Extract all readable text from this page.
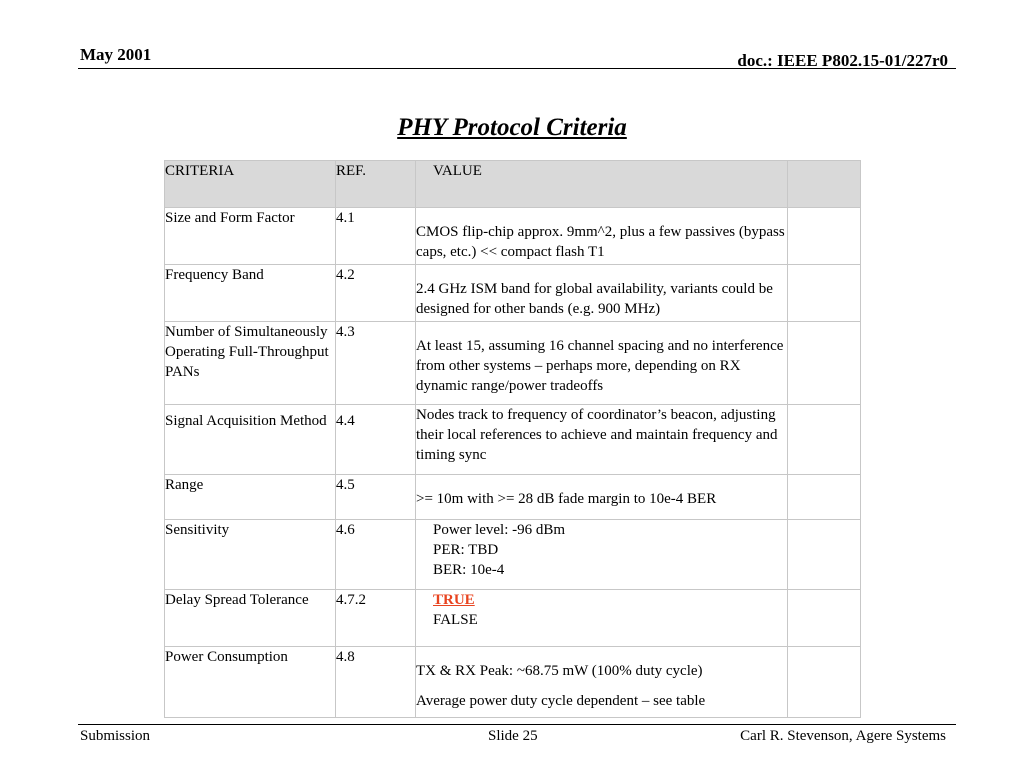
May 2001	doc.: IEEE P802.15-01/227r0
PHY Protocol Criteria
CRITERIA	REF.	VALUE	
Size and Form Factor	4.1	CMOS flip-chip approx. 9mm^2, plus a few passives (bypass caps, etc.) << compact flash T1	
Frequency Band	4.2	2.4 GHz ISM band for global availability, variants could be designed for other bands (e.g. 900 MHz)	
Number of Simultaneously Operating Full-Throughput PANs	4.3	At least 15, assuming 16 channel spacing and no interference from other systems – perhaps more, depending on RX dynamic range/power tradeoffs	
Signal Acquisition Method	4.4	Nodes track to frequency of coordinator’s beacon, adjusting their local references to achieve and maintain frequency and timing sync	
Range	4.5	>= 10m with >= 28 dB fade margin to 10e-4 BER	
Sensitivity	4.6	Power level: -96 dBm
PER: TBD
BER: 10e-4	

Delay Spread Tolerance	4.7.2	TRUE
FALSE	

Power Consumption	4.8	TX & RX Peak: ~68.75 mW (100% duty cycle)
Average power duty cycle dependent – see table	

Submission	Slide 25	Carl R. Stevenson, Agere Systems
